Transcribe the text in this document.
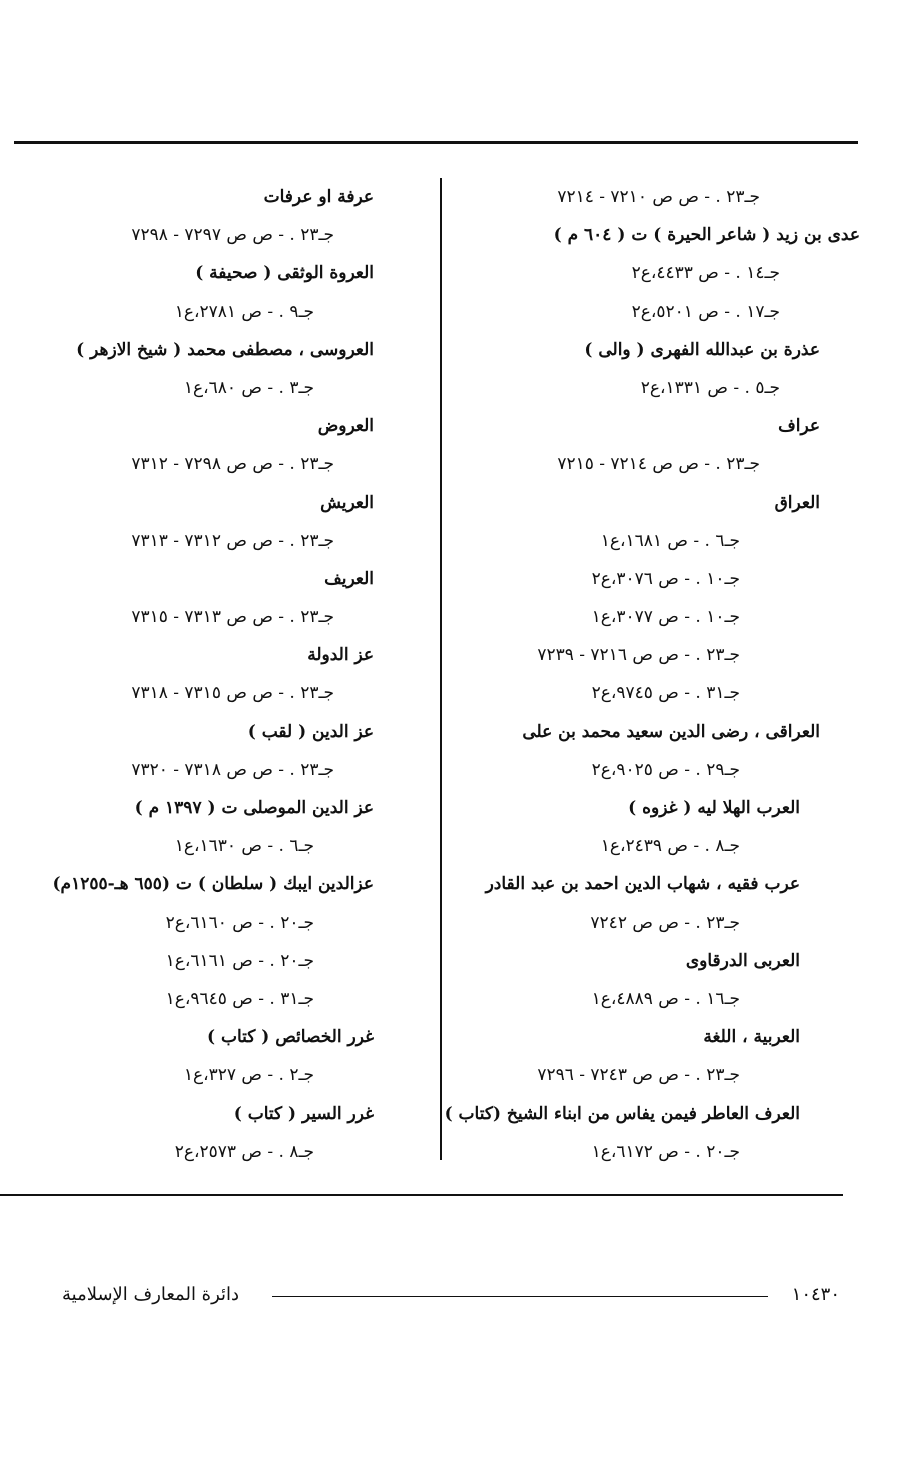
جـ٢٣ . - ص ص ٧٢١٠ - ٧٢١٤
عدى بن زيد ( شاعر الحيرة ) ت ( ٦٠٤ م )
جـ١٤ . - ص ٤٤٣٣،ع٢
جـ١٧ . - ص ٥٢٠١،ع٢
عذرة بن عبدالله الفهرى ( والى )
جـ٥ . - ص ١٣٣١،ع٢
عراف
جـ٢٣ . - ص ص ٧٢١٤ - ٧٢١٥
العراق
جـ٦ . - ص ١٦٨١،ع١
جـ١٠ . - ص ٣٠٧٦،ع٢
جـ١٠ . - ص ٣٠٧٧،ع١
جـ٢٣ . - ص ص ٧٢١٦ - ٧٢٣٩
جـ٣١ . - ص ٩٧٤٥،ع٢
العراقى ، رضى الدين سعيد محمد بن على
جـ٢٩ . - ص ٩٠٢٥،ع٢
العرب الهلا ليه ( غزوه )
جـ٨ . - ص ٢٤٣٩،ع١
عرب فقيه ، شهاب الدين احمد بن عبد القادر
جـ٢٣ . - ص ص ٧٢٤٢
العربى الدرقاوى
جـ١٦ . - ص ٤٨٨٩،ع١
العربية ، اللغة
جـ٢٣ . - ص ص ٧٢٤٣ - ٧٢٩٦
العرف العاطر فيمن يفاس من ابناء الشيخ (كتاب )
جـ٢٠ . - ص ٦١٧٢،ع١
عرفة او عرفات
جـ٢٣ . - ص ص ٧٢٩٧ - ٧٢٩٨
العروة الوثقى ( صحيفة )
جـ٩ . - ص ٢٧٨١،ع١
العروسى ، مصطفى محمد ( شيخ الازهر )
جـ٣ . - ص ٦٨٠،ع١
العروض
جـ٢٣ . - ص ص ٧٢٩٨ - ٧٣١٢
العريش
جـ٢٣ . - ص ص ٧٣١٢ - ٧٣١٣
العريف
جـ٢٣ . - ص ص ٧٣١٣ - ٧٣١٥
عز الدولة
جـ٢٣ . - ص ص ٧٣١٥ - ٧٣١٨
عز الدين ( لقب )
جـ٢٣ . - ص ص ٧٣١٨ - ٧٣٢٠
عز الدين الموصلى ت ( ١٣٩٧ م )
جـ٦ . - ص ١٦٣٠،ع١
عزالدين ايبك ( سلطان ) ت (٦٥٥ هـ-١٢٥٥م)
جـ٢٠ . - ص ٦١٦٠،ع٢
جـ٢٠ . - ص ٦١٦١،ع١
جـ٣١ . - ص ٩٦٤٥،ع١
غرر الخصائص ( كتاب )
جـ٢ . - ص ٣٢٧،ع١
غرر السير ( كتاب )
جـ٨ . - ص ٢٥٧٣،ع٢
١٠٤٣٠
دائرة المعارف الإسلامية
